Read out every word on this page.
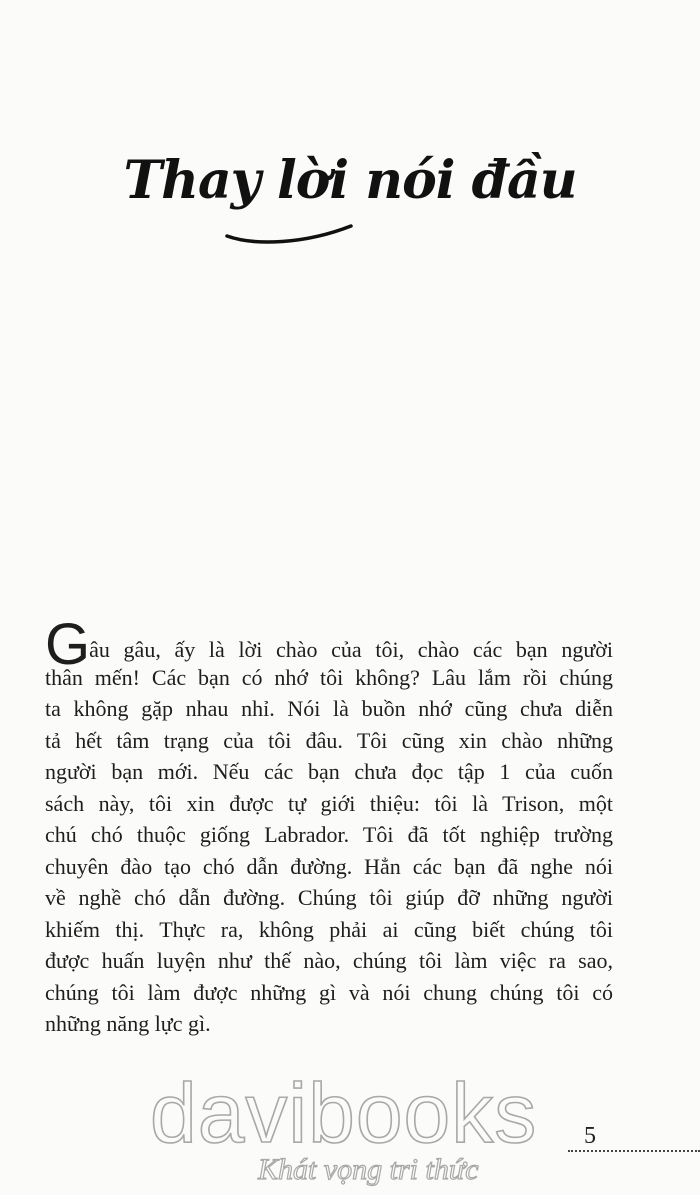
Thay lời nói đầu
Gâu gâu, ấy là lời chào của tôi, chào các bạn người
thân mến! Các bạn có nhớ tôi không? Lâu lắm rồi chúng
ta không gặp nhau nhỉ. Nói là buồn nhớ cũng chưa diễn
tả hết tâm trạng của tôi đâu. Tôi cũng xin chào những
người bạn mới. Nếu các bạn chưa đọc tập 1 của cuốn
sách này, tôi xin được tự giới thiệu: tôi là Trison, một
chú chó thuộc giống Labrador. Tôi đã tốt nghiệp trường
chuyên đào tạo chó dẫn đường. Hẳn các bạn đã nghe nói
về nghề chó dẫn đường. Chúng tôi giúp đỡ những người
khiếm thị. Thực ra, không phải ai cũng biết chúng tôi
được huấn luyện như thế nào, chúng tôi làm việc ra sao,
chúng tôi làm được những gì và nói chung chúng tôi có
những năng lực gì.
davibooks
Khát vọng tri thức
5
